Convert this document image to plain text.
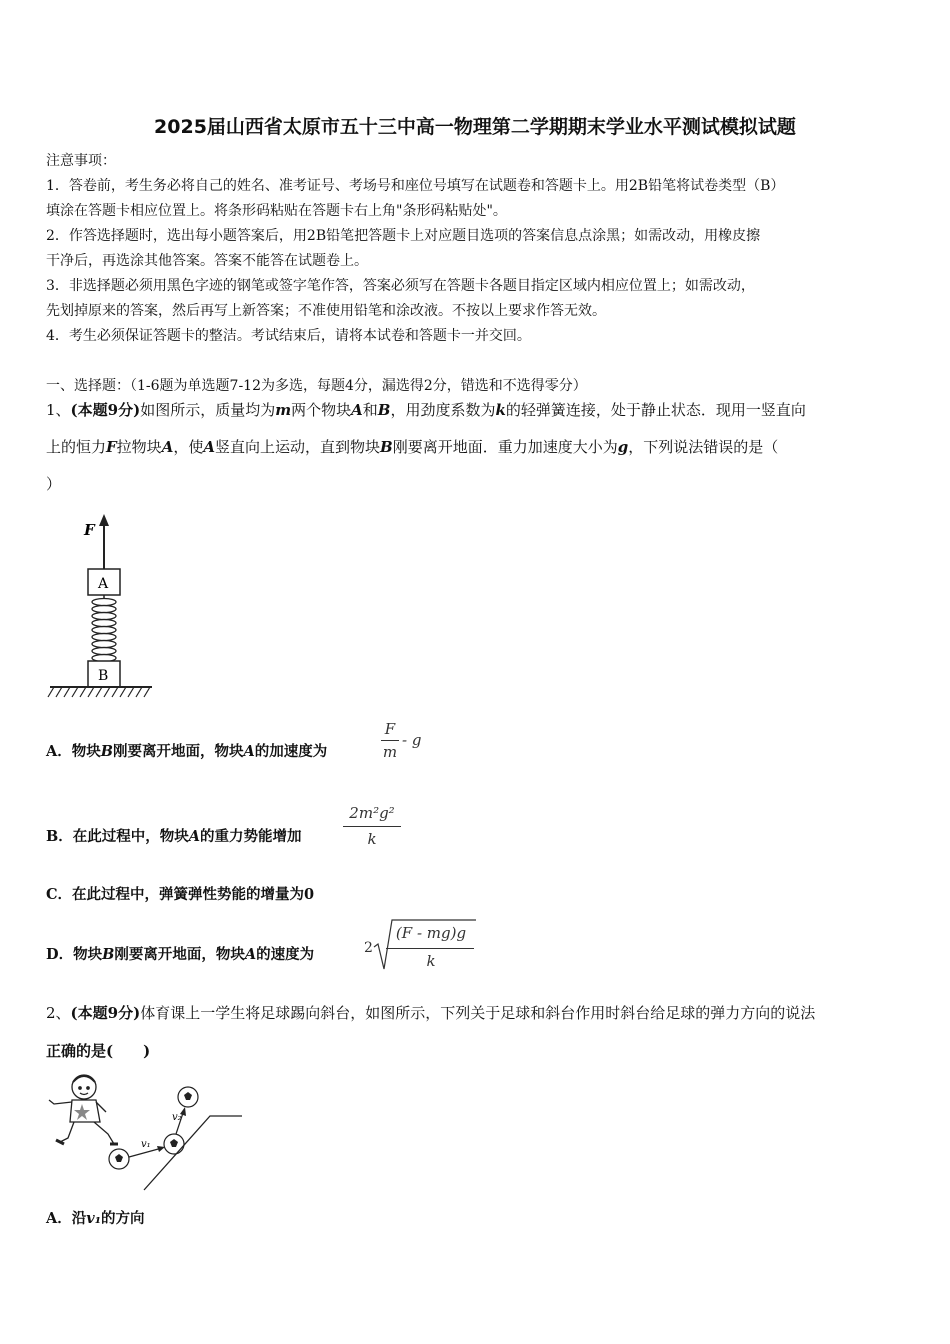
2025届山西省太原市五十三中高一物理第二学期期末学业水平测试模拟试题
注意事项：
1．答卷前，考生务必将自己的姓名、准考证号、考场号和座位号填写在试题卷和答题卡上。用2B铅笔将试卷类型（B）
填涂在答题卡相应位置上。将条形码粘贴在答题卡右上角"条形码粘贴处"。
2．作答选择题时，选出每小题答案后，用2B铅笔把答题卡上对应题目选项的答案信息点涂黑；如需改动，用橡皮擦
干净后，再选涂其他答案。答案不能答在试题卷上。
3．非选择题必须用黑色字迹的钢笔或签字笔作答，答案必须写在答题卡各题目指定区域内相应位置上；如需改动，
先划掉原来的答案，然后再写上新答案；不准使用铅笔和涂改液。不按以上要求作答无效。
4．考生必须保证答题卡的整洁。考试结束后，请将本试卷和答题卡一并交回。
一、选择题：（1-6题为单选题7-12为多选，每题4分，漏选得2分，错选和不选得零分）
1、(本题9分)如图所示，质量均为m两个物块A和B，用劲度系数为k的轻弹簧连接，处于静止状态．现用一竖直向
上的恒力F拉物块A，使A竖直向上运动，直到物块B刚要离开地面．重力加速度大小为g，下列说法错误的是（
）
F
A
B
A．物块B刚要离开地面，物块A的加速度为
F
m
- g
B．在此过程中，物块A的重力势能增加
2m²g²
k
C．在此过程中，弹簧弹性势能的增量为0
D．物块B刚要离开地面，物块A的速度为	2
(F - mg)g
k
2、(本题9分)体育课上一学生将足球踢向斜台，如图所示，下列关于足球和斜台作用时斜台给足球的弹力方向的说法
正确的是(　　)
v₁
v₂
A．沿v₁的方向
